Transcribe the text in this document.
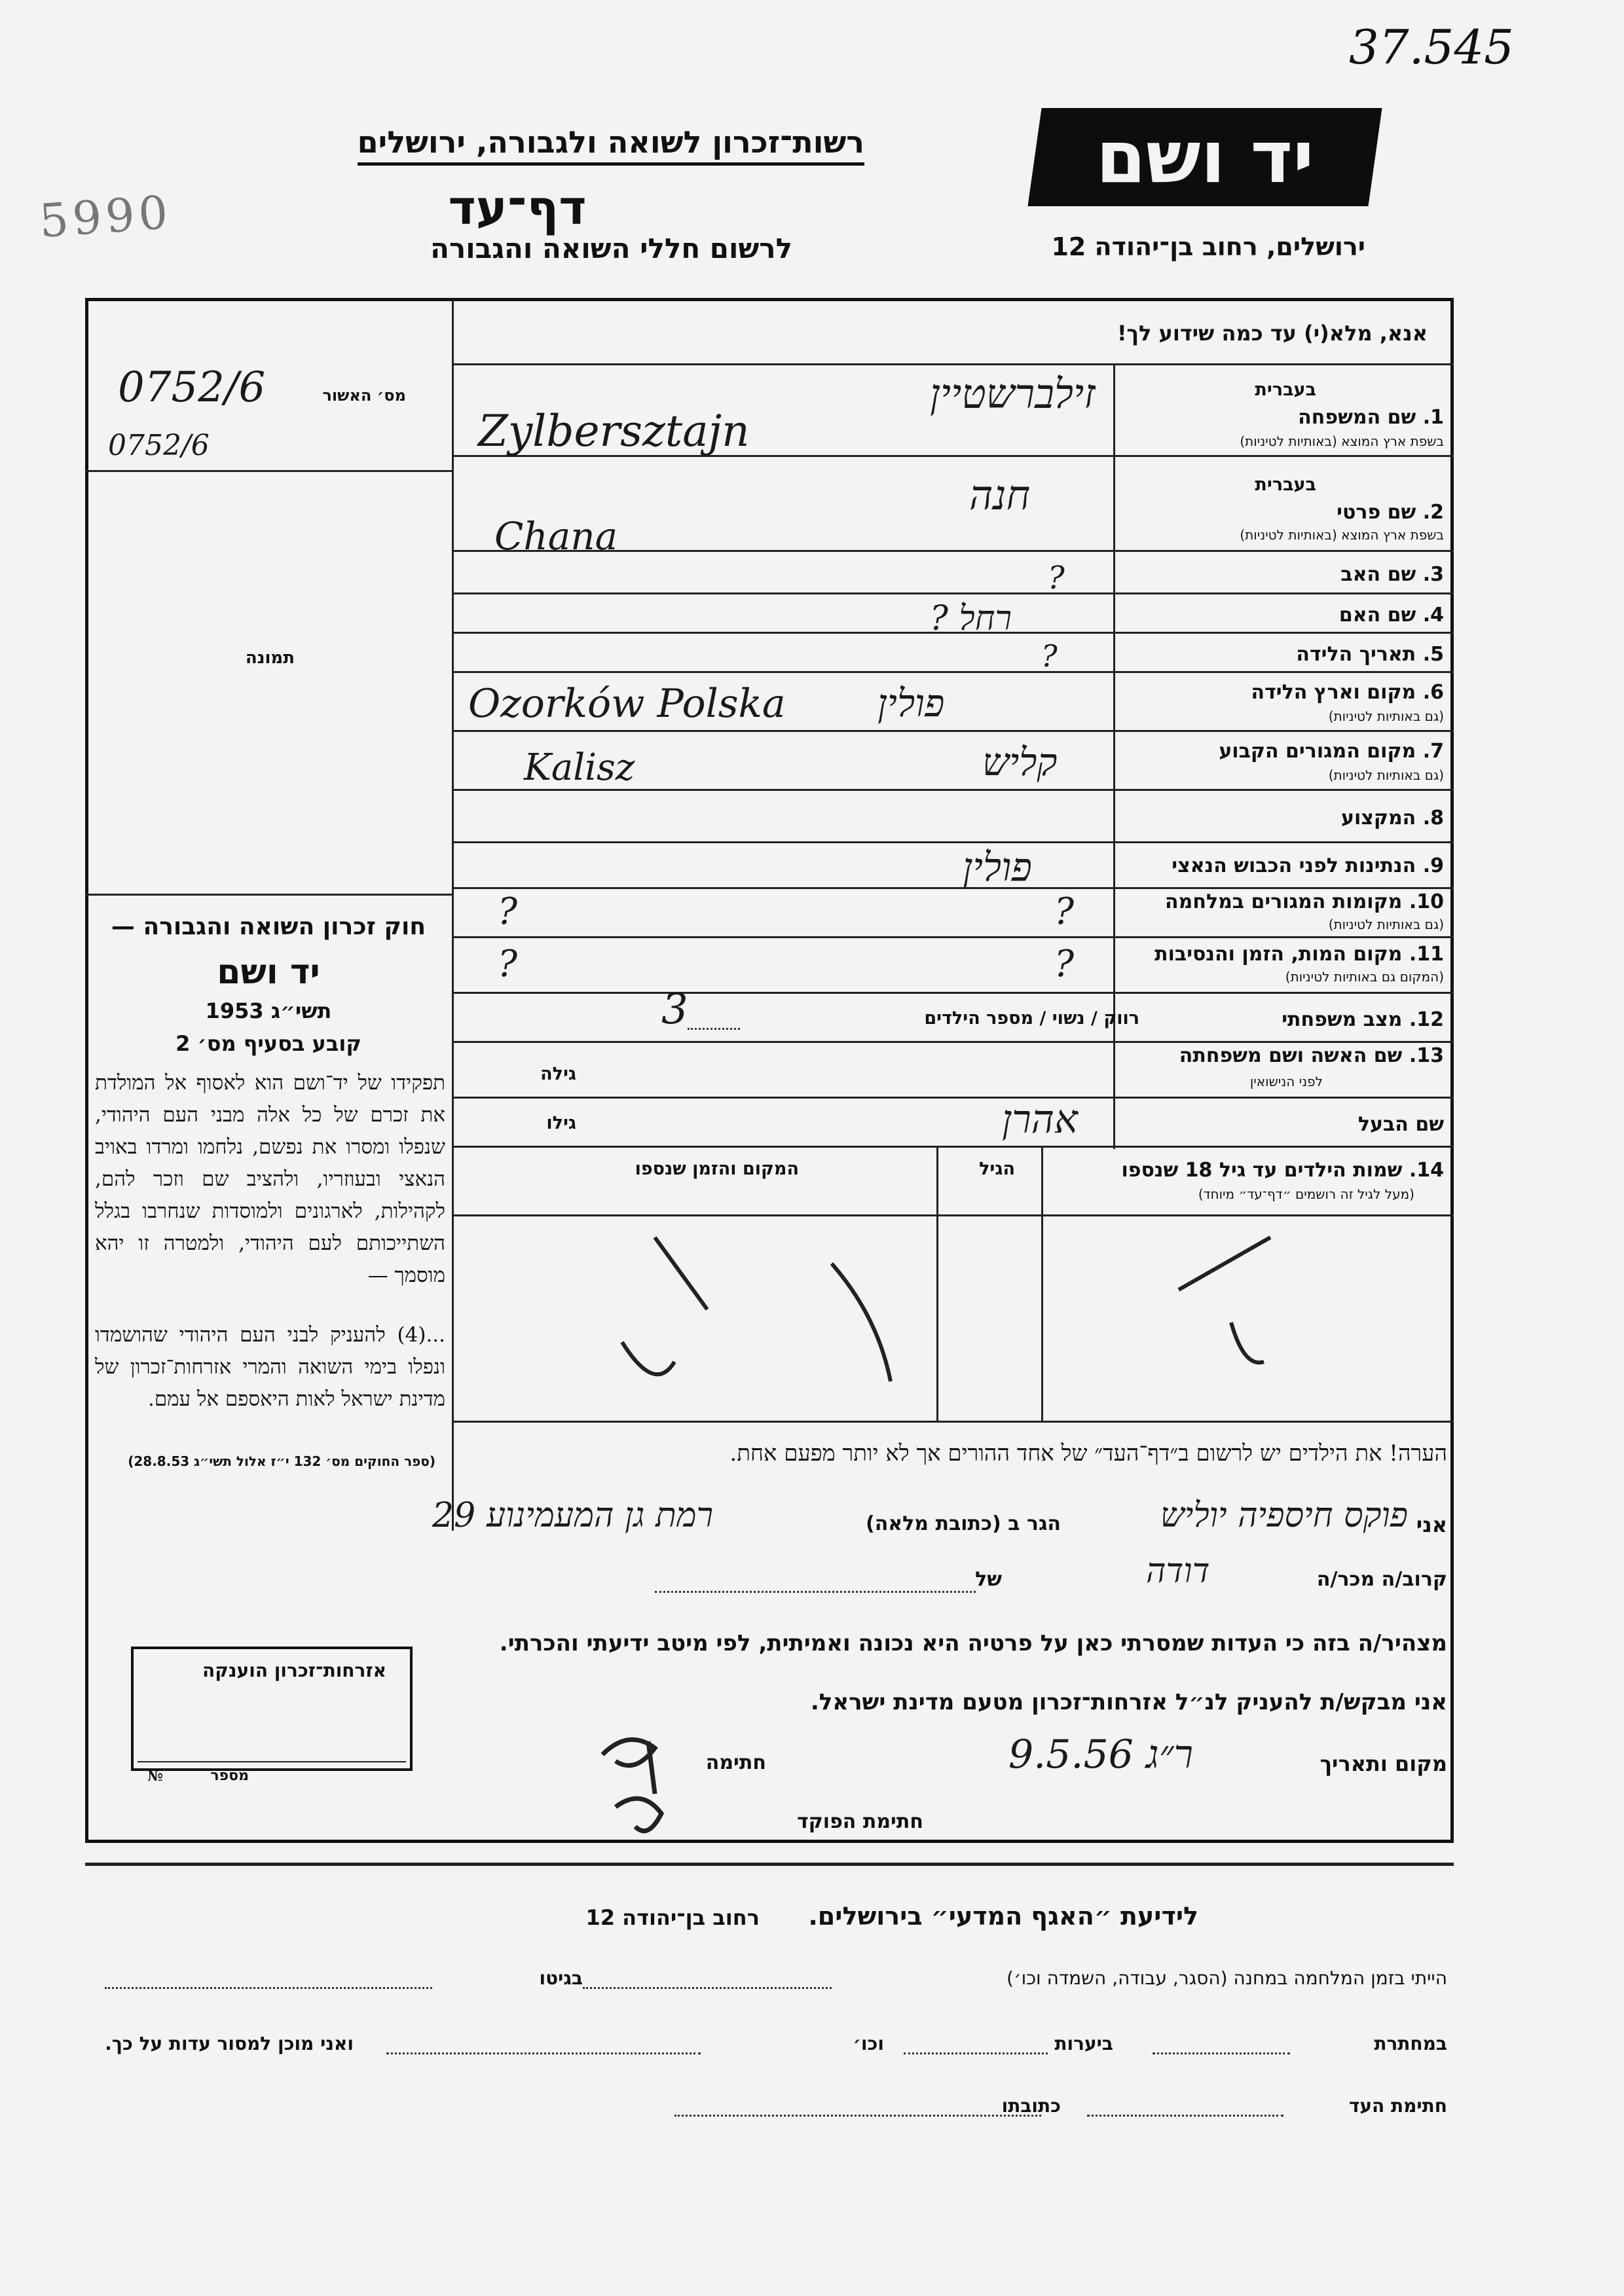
37.545
רשות־זכרון לשואה ולגבורה, ירושלים	יד ושם
5990	דף־עד
לרשום חללי השואה והגבורה	ירושלים, רחוב בן־יהודה 12
אנא, מלא(י) עד כמה שידוע לך!
מס׳ האשור
0752/6
0752/6
תמונה
חוק זכרון השואה והגבורה —
יד ושם
תשי״ג 1953
קובע בסעיף מס׳ 2
תפקידו של יד־ושם הוא לאסוף אל המולדת את זכרם של כל אלה מבני העם היהודי, שנפלו ומסרו את נפשם, נלחמו ומרדו באויב הנאצי ובעוזריו, ולהציב שם וזכר להם, לקהילות, לארגונים ולמוסדות שנחרבו בגלל השתייכותם לעם היהודי, ולמטרה זו יהא מוסמך —
...(4) להעניק לבני העם היהודי שהושמדו ונפלו בימי השואה והמרי אזרחות־זכרון של מדינת ישראל לאות היאספם אל עמם.
(ספר החוקים מס׳ 132 י״ז אלול תשי״ג 28.8.53)
בעברית
1. שם המשפחה
בשפת ארץ המוצא (באותיות לטיניות)
זילברשטיין
Zylbersztajn
בעברית
2. שם פרטי
בשפת ארץ המוצא (באותיות לטיניות)
חנה
Chana
3. שם האב
?
4. שם האם
רחל ?
5. תאריך הלידה
?
6. מקום וארץ הלידה
(גם באותיות לטיניות)
פולין
Ozorków Polska
7. מקום המגורים הקבוע
(גם באותיות לטיניות)
קליש
Kalisz
8. המקצוע
9. הנתינות לפני הכבוש הנאצי
פולין
10. מקומות המגורים במלחמה
(גם באותיות לטיניות)
?
?
11. מקום המות, הזמן והנסיבות
(המקום גם באותיות לטיניות)
?
?
12. מצב משפחתי
רווק / נשוי / מספר הילדים
3
13. שם האשה ושם משפחתה
לפני הנישואין
גילה
שם הבעל
גילו	אהרן
14. שמות הילדים עד גיל 18 שנספו
(מעל לגיל זה רושמים ״דף־עד״ מיוחד)
הגיל
המקום והזמן שנספו
הערה! את הילדים יש לרשום ב״דף־העד״ של אחד ההורים אך לא יותר מפעם אחת.
אני
פוקס חיספיה יוליש
הגר ב (כתובת מלאה)
רמת גן המעמינוע 29
קרוב/ה מכר/ה
דודה
של
מצהיר/ה בזה כי העדות שמסרתי כאן על פרטיה היא נכונה ואמיתית, לפי מיטב ידיעתי והכרתי.
אני מבקש/ת להעניק לנ״ל אזרחות־זכרון מטעם מדינת ישראל.
מקום ותאריך
ר״ג 9.5.56
חתימה
חתימת הפוקד
אזרחות־זכרון הוענקה
מספר
№
לידיעת ״האגף המדעי״ בירושלים.
רחוב בן־יהודה 12
הייתי בזמן המלחמה במחנה (הסגר, עבודה, השמדה וכו׳)
בגיטו
במחתרת
ביערות
וכו׳
ואני מוכן למסור עדות על כך.
חתימת העד
כתובתו
